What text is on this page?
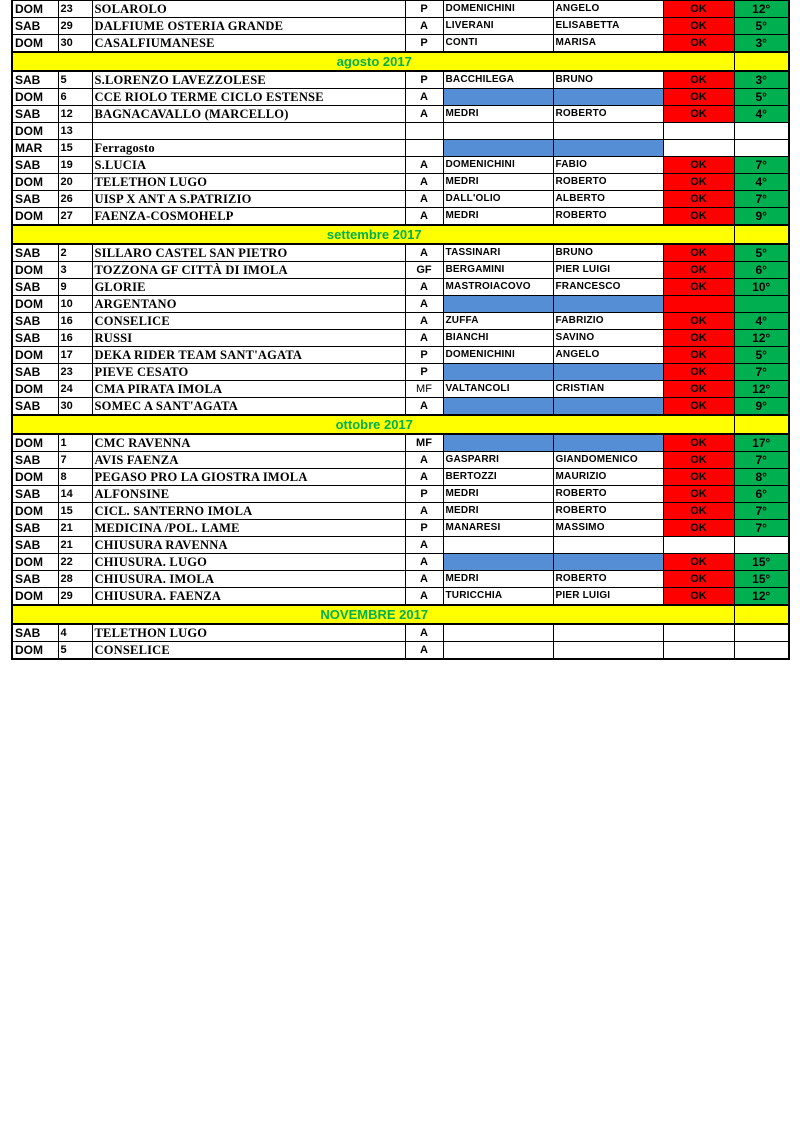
DOM	23	SOLAROLO	P	DOMENICHINI	ANGELO	OK	12°
SAB	29	DALFIUME OSTERIA GRANDE	A	LIVERANI	ELISABETTA	OK	5°
DOM	30	CASALFIUMANESE	P	CONTI	MARISA	OK	3°
agosto 2017							
SAB	5	S.LORENZO LAVEZZOLESE	P	BACCHILEGA	BRUNO	OK	3°
DOM	6	CCE RIOLO TERME CICLO ESTENSE	A			OK	5°
SAB	12	BAGNACAVALLO (MARCELLO)	A	MEDRI	ROBERTO	OK	4°
DOM	13						
MAR	15	Ferragosto					
SAB	19	S.LUCIA	A	DOMENICHINI	FABIO	OK	7°
DOM	20	TELETHON LUGO	A	MEDRI	ROBERTO	OK	4°
SAB	26	UISP X ANT A S.PATRIZIO	A	DALL'OLIO	ALBERTO	OK	7°
DOM	27	FAENZA-COSMOHELP	A	MEDRI	ROBERTO	OK	9°
settembre 2017							
SAB	2	SILLARO CASTEL SAN PIETRO	A	TASSINARI	BRUNO	OK	5°
DOM	3	TOZZONA GF CITTÀ DI IMOLA	GF	BERGAMINI	PIER LUIGI	OK	6°
SAB	9	GLORIE	A	MASTROIACOVO	FRANCESCO	OK	10°
DOM	10	ARGENTANO	A				
SAB	16	CONSELICE	A	ZUFFA	FABRIZIO	OK	4°
SAB	16	RUSSI	A	BIANCHI	SAVINO	OK	12°
DOM	17	DEKA RIDER TEAM SANT'AGATA	P	DOMENICHINI	ANGELO	OK	5°
SAB	23	PIEVE CESATO	P			OK	7°
DOM	24	CMA PIRATA IMOLA	MF	VALTANCOLI	CRISTIAN	OK	12°
SAB	30	SOMEC A SANT'AGATA	A			OK	9°
ottobre 2017							
DOM	1	CMC RAVENNA	MF			OK	17°
SAB	7	AVIS FAENZA	A	GASPARRI	GIANDOMENICO	OK	7°
DOM	8	PEGASO PRO LA GIOSTRA IMOLA	A	BERTOZZI	MAURIZIO	OK	8°
SAB	14	ALFONSINE	P	MEDRI	ROBERTO	OK	6°
DOM	15	CICL. SANTERNO IMOLA	A	MEDRI	ROBERTO	OK	7°
SAB	21	MEDICINA /POL. LAME	P	MANARESI	MASSIMO	OK	7°
SAB	21	CHIUSURA RAVENNA	A				
DOM	22	CHIUSURA. LUGO	A			OK	15°
SAB	28	CHIUSURA. IMOLA	A	MEDRI	ROBERTO	OK	15°
DOM	29	CHIUSURA. FAENZA	A	TURICCHIA	PIER LUIGI	OK	12°
NOVEMBRE 2017							
SAB	4	TELETHON LUGO	A				
DOM	5	CONSELICE	A				
